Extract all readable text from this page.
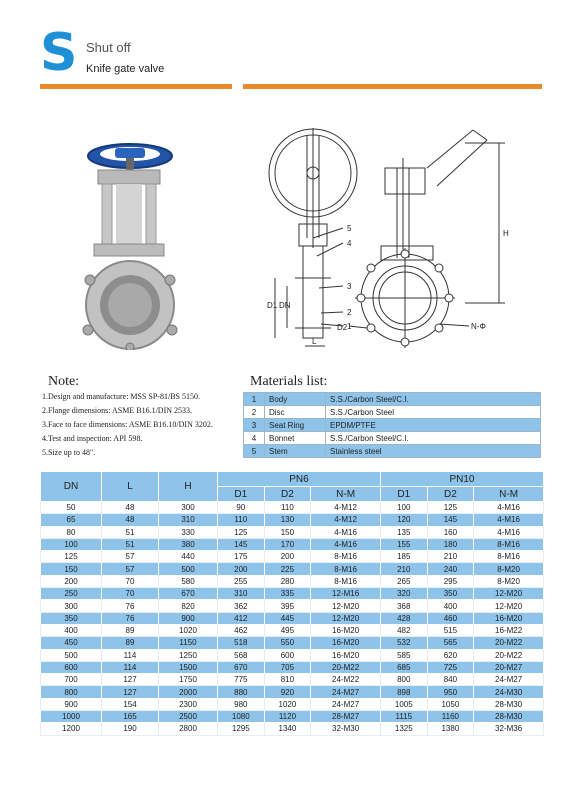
S Shut off
Knife gate valve
5
4
3
2
1
D1 DN
L
D2
H
N-Φ
Note:
1.Design and manufacture: MSS SP-81/BS 5150.
2.Flange dimensions: ASME B16.1/DIN 2533.
3.Face to face dimensions: ASME B16.10/DIN 3202.
4.Test and inspection: API 598.
5.Size up to 48".
Materials list:
1	Body	S.S./Carbon Steel/C.I.
2	Disc	S.S./Carbon Steel
3	Seat Ring	EPDM/PTFE
4	Bonnet	S.S./Carbon Steel/C.I.
5	Stem	Stainless steel
DN	L	H	PN6			PN10		
			D1	D2	N-M	D1	D2	N-M
50	48	300	90	110	4-M12	100	125	4-M16
65	48	310	110	130	4-M12	120	145	4-M16
80	51	330	125	150	4-M16	135	160	4-M16
100	51	380	145	170	4-M16	155	180	8-M16
125	57	440	175	200	8-M16	185	210	8-M16
150	57	500	200	225	8-M16	210	240	8-M20
200	70	580	255	280	8-M16	265	295	8-M20
250	70	670	310	335	12-M16	320	350	12-M20
300	76	820	362	395	12-M20	368	400	12-M20
350	76	900	412	445	12-M20	428	460	16-M20
400	89	1020	462	495	16-M20	482	515	16-M22
450	89	1150	518	550	16-M20	532	565	20-M22
500	114	1250	568	600	16-M20	585	620	20-M22
600	114	1500	670	705	20-M22	685	725	20-M27
700	127	1750	775	810	24-M22	800	840	24-M27
800	127	2000	880	920	24-M27	898	950	24-M30
900	154	2300	980	1020	24-M27	1005	1050	28-M30
1000	165	2500	1080	1120	28-M27	1115	1160	28-M30
1200	190	2800	1295	1340	32-M30	1325	1380	32-M36
